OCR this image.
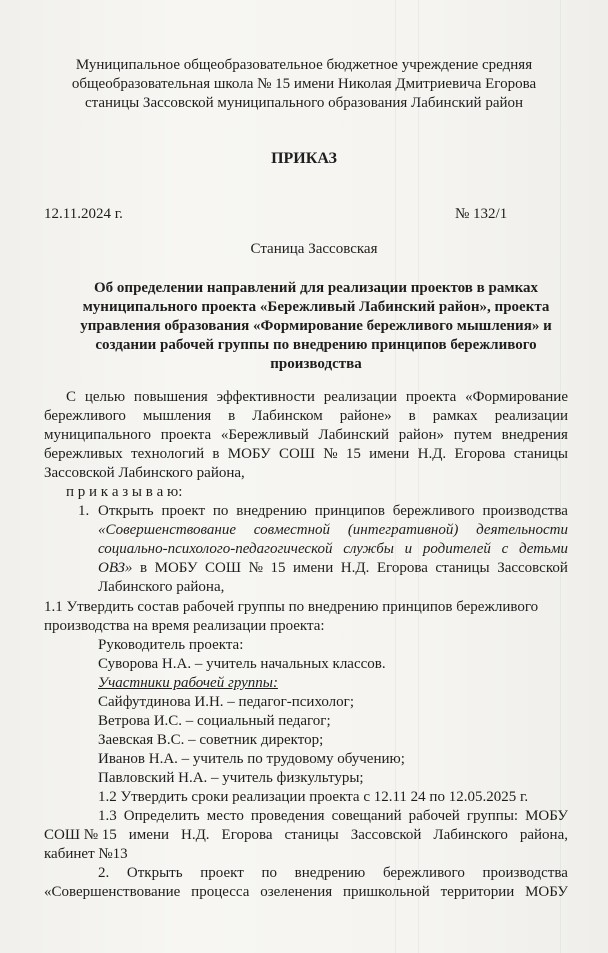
Муниципальное общеобразовательное бюджетное учреждение средняя
общеобразовательная школа № 15 имени Николая Дмитриевича Егорова
станицы Зассовской муниципального образования Лабинский район
ПРИКАЗ
12.11.2024 г.	№ 132/1
Станица Зассовская
Об определении направлений для реализации проектов в рамках
муниципального проекта «Бережливый Лабинский район», проекта
управления образования «Формирование бережливого мышления» и
создании рабочей группы по внедрению принципов бережливого
производства
С целью повышения эффективности реализации проекта «Формирование
бережливого мышления в Лабинском районе» в рамках реализации
муниципального проекта «Бережливый Лабинский район» путем внедрения
бережливых технологий в МОБУ СОШ № 15 имени Н.Д. Егорова станицы
Зассовской Лабинского района,
п р и к а з ы в а ю:
1. Открыть проект по внедрению принципов бережливого производства
«Совершенствование совместной (интегративной) деятельности
социально-психолого-педагогической службы и родителей с детьми
ОВЗ» в МОБУ СОШ № 15 имени Н.Д. Егорова станицы Зассовской
Лабинского района,
1.1 Утвердить состав рабочей группы по внедрению принципов бережливого
производства на время реализации проекта:
Руководитель проекта:
Суворова Н.А. – учитель начальных классов.
Участники рабочей группы:
Сайфутдинова И.Н. – педагог-психолог;
Ветрова И.С. – социальный педагог;
Заевская В.С. – советник директор;
Иванов Н.А. – учитель по трудовому обучению;
Павловский Н.А. – учитель физкультуры;
1.2 Утвердить сроки реализации проекта с 12.11 24 по 12.05.2025 г.
1.3 Определить место проведения совещаний рабочей группы: МОБУ
СОШ № 15 имени Н.Д. Егорова станицы Зассовской Лабинского района,
кабинет №13
2. Открыть проект по внедрению бережливого производства
«Совершенствование процесса озеленения пришкольной территории МОБУ
